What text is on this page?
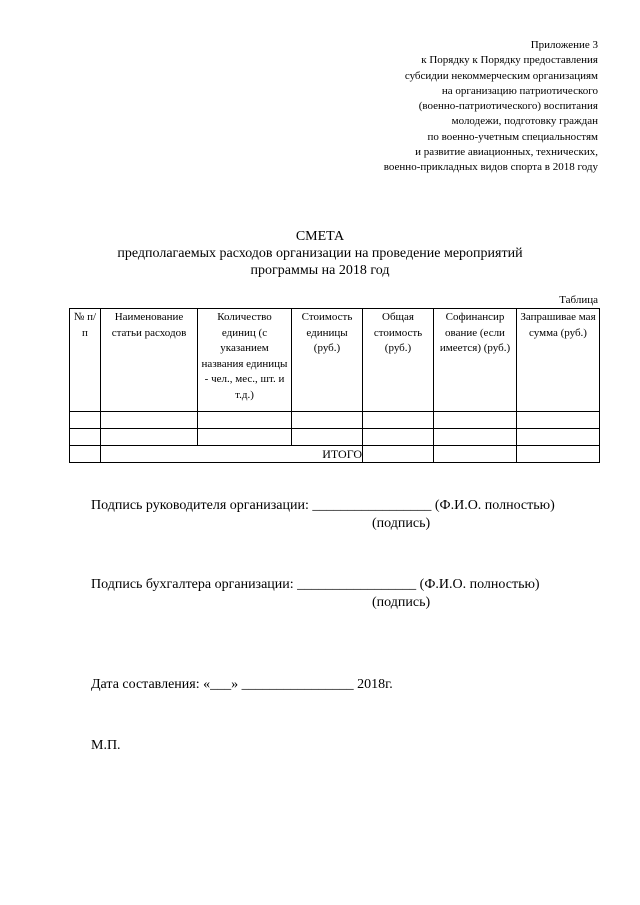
Приложение 3
к Порядку к Порядку предоставления
субсидии некоммерческим организациям
на организацию патриотического
(военно-патриотического) воспитания
молодежи, подготовку граждан
по военно-учетным специальностям
и развитие авиационных, технических,
военно-прикладных видов спорта в 2018 году
СМЕТА
предполагаемых расходов организации на проведение мероприятий
программы на 2018 год
Таблица
№ п/п	Наименование статьи расходов	Количество единиц (с указанием названия единицы - чел., мес., шт. и т.д.)	Стоимость единицы (руб.)	Общая стоимость (руб.)	Софинансир ование (если имеется) (руб.)	Запрашивае мая сумма (руб.)

	ИТОГО					
Подпись руководителя организации: _________________ (Ф.И.О. полностью)
(подпись)
Подпись бухгалтера организации: _________________ (Ф.И.О. полностью)
(подпись)
Дата составления: «___» ________________ 2018г.
М.П.
